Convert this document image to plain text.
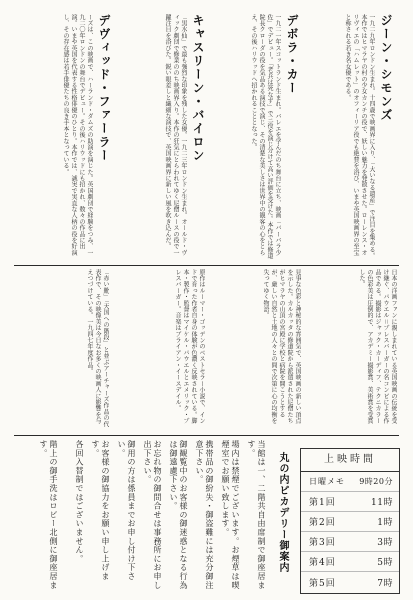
ジーン・シモンズ
一九二九年ロンドン生まれ。十四歳で映画界に入り、「大いなる遺産」で注目を集める。本作ではヒマラヤの村の少女カンチの役で、妖しい魅力を発散させた。ローレンス・オリヴィエの「ハムレット」のオフィーリア役でも絶賛を浴び、いまや英国映画界の至宝と称される若き名女優である。
デボラ・カー
一九二一年スコットランド生まれ。バレエを学んだのち舞台に立ち、映画「バーバラ少佐」でデビュー。「老兵は死なず」で三役を演じ分けて高い評価を受けた。本作では修道院長クローダの役を気品ある演技で演じ、その清楚な美しさは世界中の観客の心をとらえ、その後ハリウッドへ招かれることとなった。
キャスリーン・バイロン
「黒水仙」で最も強烈な印象を残した女優。一九二三年ロンドン生まれ。オールド・ヴィック劇団で修業ののち映画界入り。本作の狂気にとらわれてゆく尼僧ルースの役で一躍注目を浴びた。鋭い眼差しと繊細な演技で、英国映画界に新しい風を吹き込んだ。
デヴィッド・ファーラー
ーズは、この映画で、ハーランド・ダムズの助演を演じた。英国劇団で経験をつみ、一九二〇年ロンドンの舞台でデビュー。その後ハリウッドにも招かれ、数々の作品に出演。いまや英国を代表する性格俳優のひとり。本作では、誠実で実直な人柄の役を好演し、その存在感は若手俳優たちの良き手本となっている。
日本の洋画ファンに親しまれている英国映画の伝統を受け継ぐ、パウエル＝プレスバーガーの名コンビによる作品である。撮影はジャック・カーディフ、テクニカラーの色彩美は圧倒的で、アカデミー撮影賞、美術賞を受賞した。
見事な色彩と神秘的な雰囲気で、英国映画の新しい頂点を示した。カルカッタの修道院から派遣された尼僧たちがヒマラヤの山頂の宮殿に学校と病院を開こうとするが、厳しい自然と土地の人々との間で次第に心の均衡を失ってゆく物語。
原作はルーマー・ゴッデンのベストセラー小説で、インドで育った作者自身の体験が色濃く反映されている。脚本・製作・監督はマイケル・パウエルとエメリック・プレスバーガー。音楽はブライアン・イースデイル。
「赤い靴」「天国への階段」と並ぶアーチャーズ作品の代表作で、その映像美は今日なお多くの映画人に影響を与えつづけている。一九四七年度作品。
丸の内ピカデリー御案内
当館は一、二階共自由席制で御座居ます。
場内は禁煙でございます。お煙草は喫煙室でお願い致します。
携帯品の御紛失・御盗難には充分御注意下さい。
御観覧中のお客様の御迷惑となる行為は御遠慮下さい。
お忘れ物の御問合せは事務所にお申し出下さい。
御用の方は係員までお申し付け下さい。
お客様の御協力をお願い申し上げます。
各回入替制ではございません。
階上の御手洗はロビー北側に御座居ます。
上映時間
日曜メモ 9時20分
第1回	11時
第2回	1時
第3回	3時
第4回	5時
第5回	7時
